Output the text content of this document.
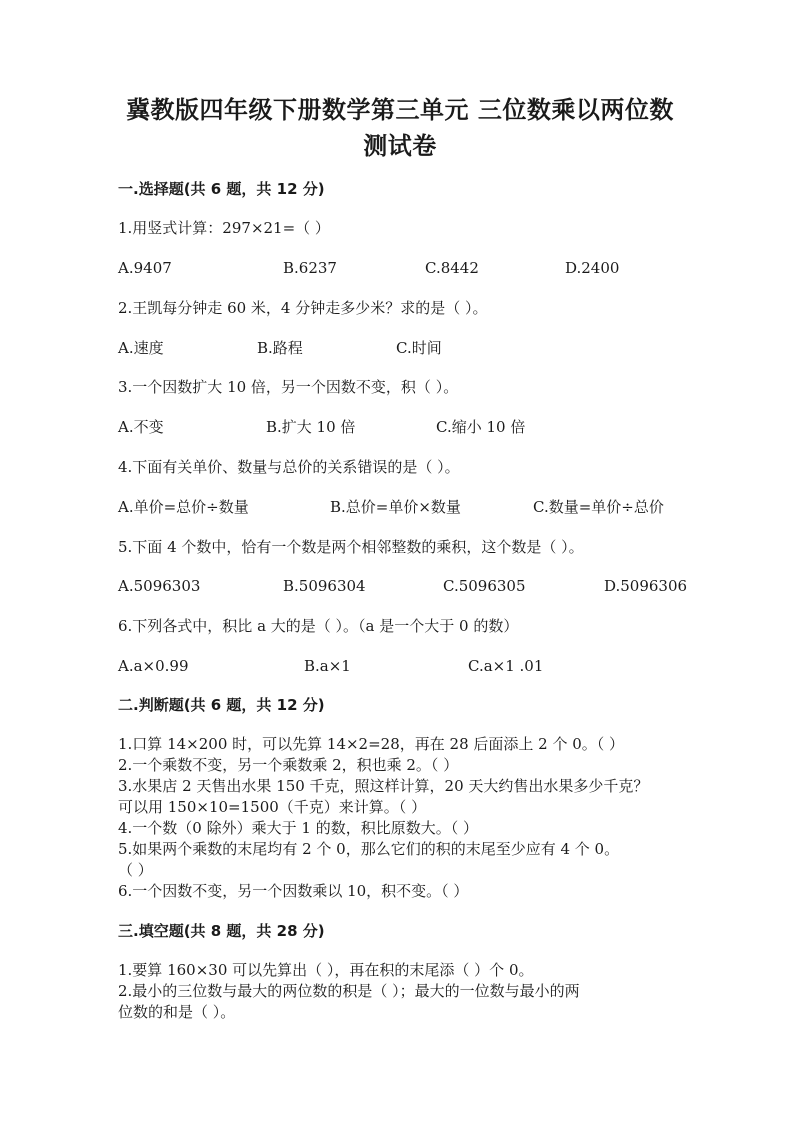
冀教版四年级下册数学第三单元 三位数乘以两位数
测试卷
一.选择题(共 6 题，共 12 分)
1.用竖式计算：297×21=（ ）
A.9407	B.6237	C.8442	D.2400
2.王凯每分钟走 60 米，4 分钟走多少米？求的是（ ）。
A.速度	B.路程	C.时间
3.一个因数扩大 10 倍，另一个因数不变，积（ ）。
A.不变	B.扩大 10 倍	C.缩小 10 倍
4.下面有关单价、数量与总价的关系错误的是（ ）。
A.单价=总价÷数量	B.总价=单价×数量	C.数量=单价÷总价
5.下面 4 个数中，恰有一个数是两个相邻整数的乘积，这个数是（ ）。
A.5096303	B.5096304	C.5096305	D.5096306
6.下列各式中，积比 a 大的是（ ）。（a 是一个大于 0 的数）
A.a×0.99	B.a×1	C.a×1 .01
二.判断题(共 6 题，共 12 分)
1.口算 14×200 时，可以先算 14×2=28，再在 28 后面添上 2 个 0。（ ）
2.一个乘数不变，另一个乘数乘 2，积也乘 2。（ ）
3.水果店 2 天售出水果 150 千克，照这样计算，20 天大约售出水果多少千克？
可以用 150×10=1500（千克）来计算。（ ）
4.一个数（0 除外）乘大于 1 的数，积比原数大。（ ）
5.如果两个乘数的末尾均有 2 个 0，那么它们的积的末尾至少应有 4 个 0。
（ ）
6.一个因数不变，另一个因数乘以 10，积不变。（ ）
三.填空题(共 8 题，共 28 分)
1.要算 160×30 可以先算出（ ），再在积的末尾添（ ）个 0。
2.最小的三位数与最大的两位数的积是（ ）；最大的一位数与最小的两
位数的和是（ ）。
